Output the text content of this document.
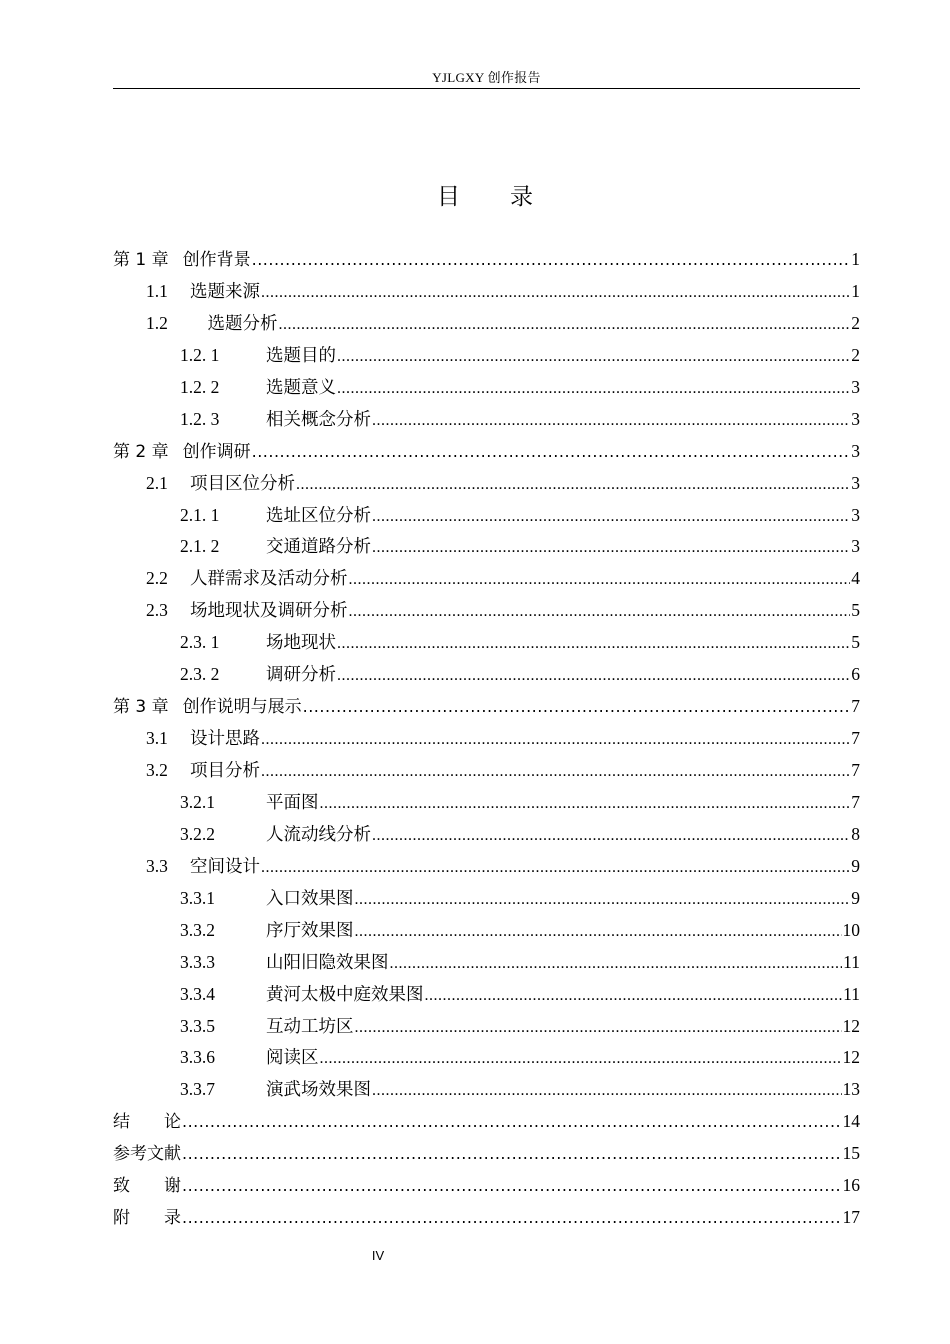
YJLGXY 创作报告
目 录
第 1 章 创作背景 .....	1
1.1	选题来源 .....	1
1.2	　选题分析 .....	2
1.2. 1	选题目的 .....	2
1.2. 2	选题意义 .....	3
1.2. 3	相关概念分析 .....	3
第 2 章 创作调研 .....	3
2.1	项目区位分析 .....	3
2.1. 1	选址区位分析 .....	3
2.1. 2	交通道路分析 .....	3
2.2	人群需求及活动分析 .....	4
2.3	场地现状及调研分析 .....	5
2.3. 1	场地现状 .....	5
2.3. 2	调研分析 .....	6
第 3 章 创作说明与展示 .....	7
3.1	设计思路 .....	7
3.2	项目分析 .....	7
3.2.1	平面图 .....	7
3.2.2	人流动线分析 .....	8
3.3	空间设计 .....	9
3.3.1	入口效果图 .....	9
3.3.2	序厅效果图 .....	10
3.3.3	山阳旧隐效果图 .....	11
3.3.4	黄河太极中庭效果图 .....	11
3.3.5	互动工坊区 .....	12
3.3.6	阅读区 .....	12
3.3.7	演武场效果图 .....	13
结　　论 .....	14
参考文献 .....	15
致　　谢 .....	16
附　　录 .....	17
IV
